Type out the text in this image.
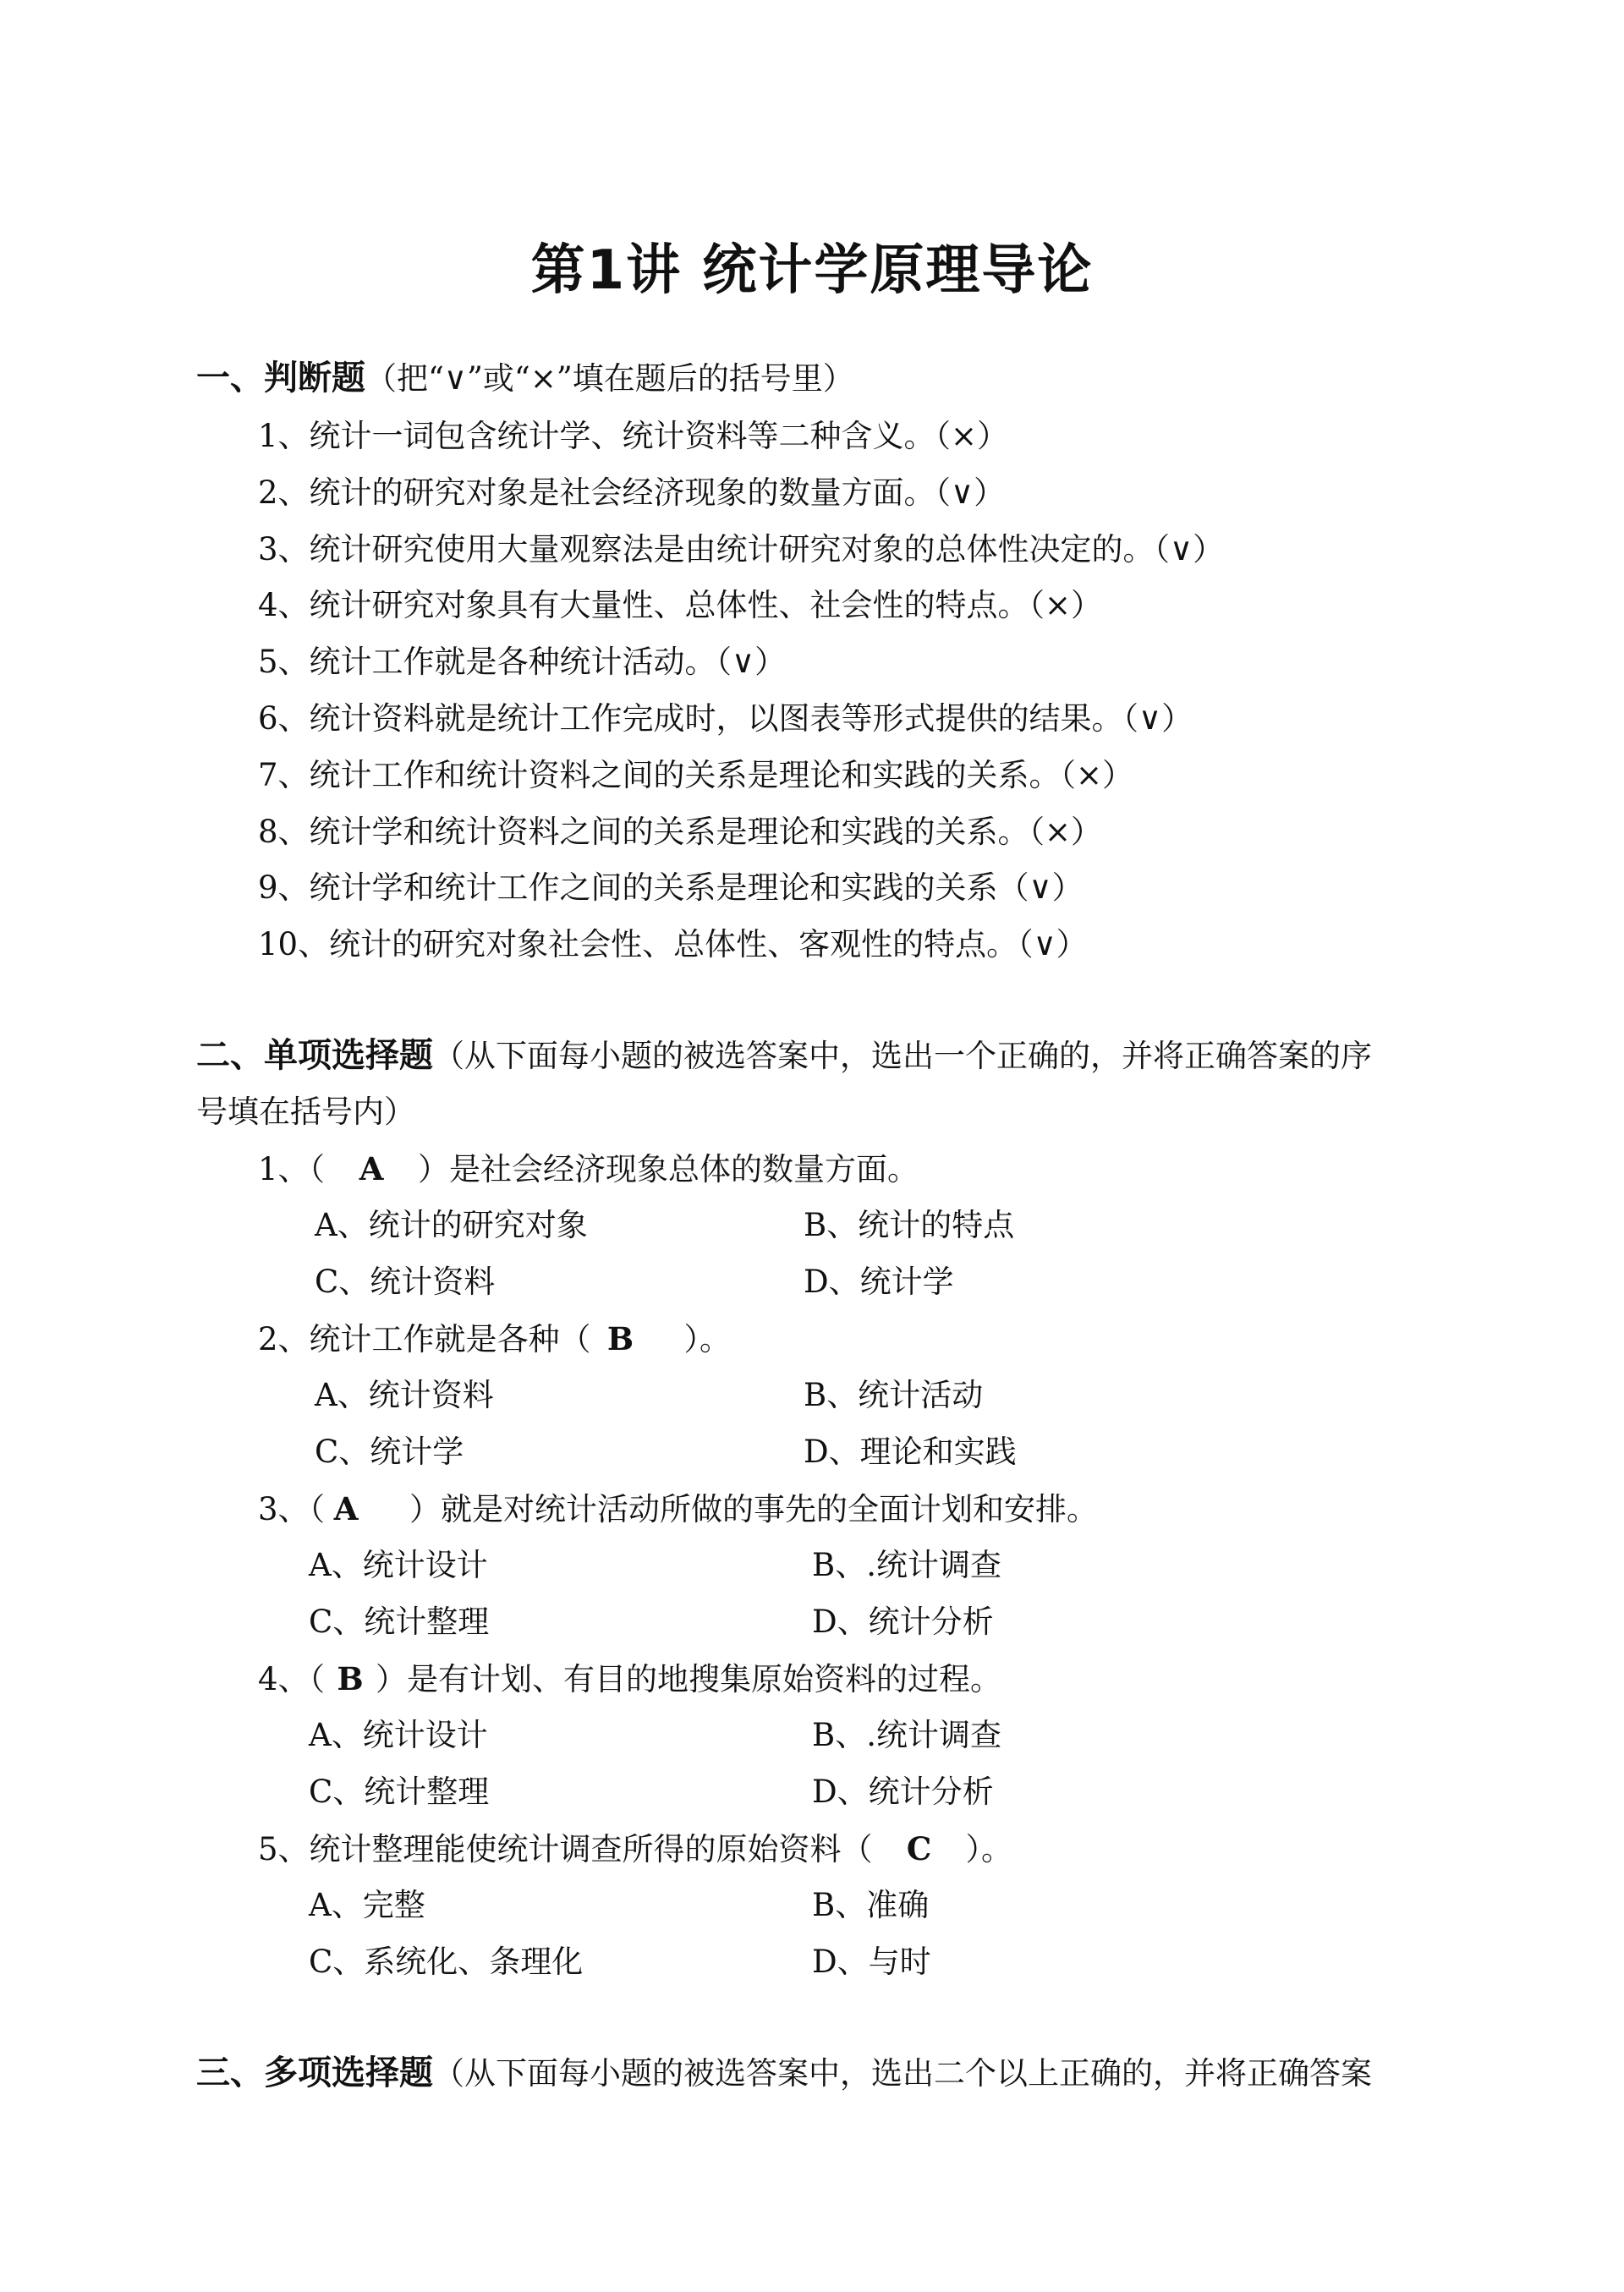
第1讲 统计学原理导论
一、判断题（把“∨”或“×”填在题后的括号里）
1、统计一词包含统计学、统计资料等二种含义。（×）
2、统计的研究对象是社会经济现象的数量方面。（∨）
3、统计研究使用大量观察法是由统计研究对象的总体性决定的。（∨）
4、统计研究对象具有大量性、总体性、社会性的特点。（×）
5、统计工作就是各种统计活动。（∨）
6、统计资料就是统计工作完成时，以图表等形式提供的结果。（∨）
7、统计工作和统计资料之间的关系是理论和实践的关系。（×）
8、统计学和统计资料之间的关系是理论和实践的关系。（×）
9、统计学和统计工作之间的关系是理论和实践的关系（∨）
10、统计的研究对象社会性、总体性、客观性的特点。（∨）
二、单项选择题（从下面每小题的被选答案中，选出一个正确的，并将正确答案的序
号填在括号内）
1、（ A ）是社会经济现象总体的数量方面。
A、统计的研究对象	B、统计的特点
C、统计资料	D、统计学
2、统计工作就是各种（ B ）。
A、统计资料	B、统计活动
C、统计学	D、理论和实践
3、（ A ）就是对统计活动所做的事先的全面计划和安排。
A、统计设计	B、.统计调查
C、统计整理	D、统计分析
4、（ B ）是有计划、有目的地搜集原始资料的过程。
A、统计设计	B、.统计调查
C、统计整理	D、统计分析
5、统计整理能使统计调查所得的原始资料（ C ）。
A、完整	B、准确
C、系统化、条理化	D、与时
三、多项选择题（从下面每小题的被选答案中，选出二个以上正确的，并将正确答案
